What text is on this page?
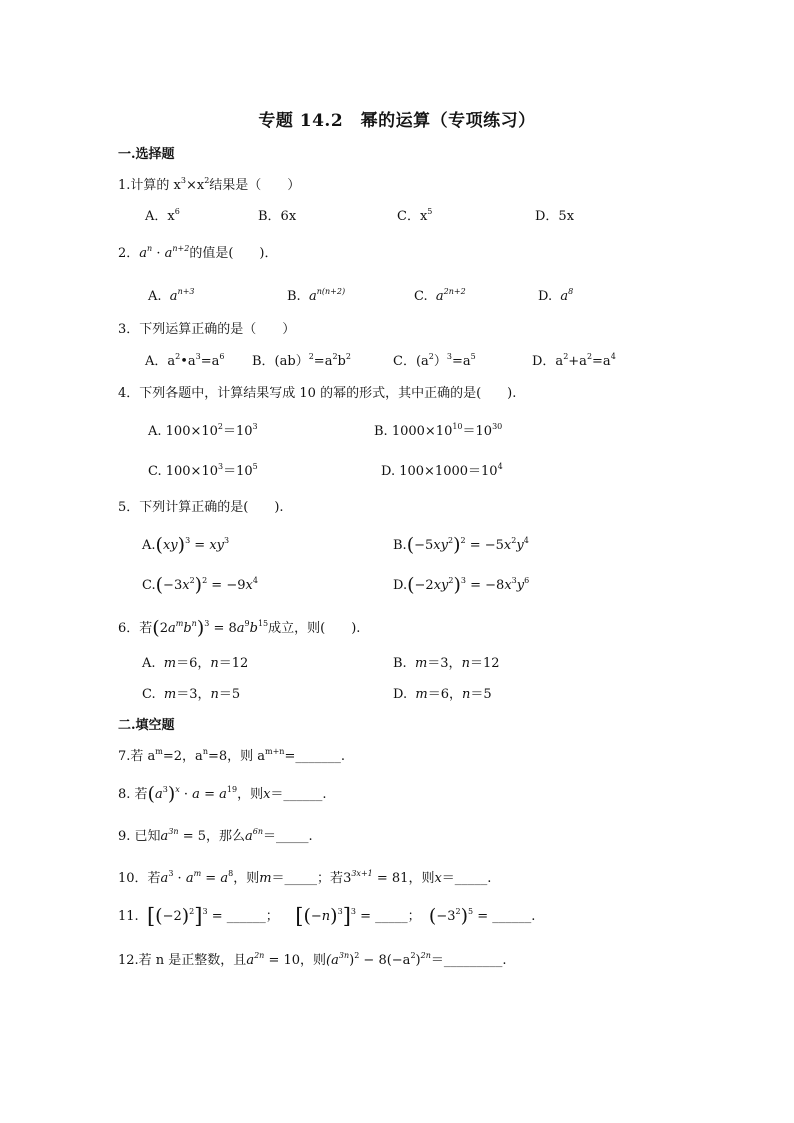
专题 14.2　幂的运算（专项练习）
一.选择题
1.计算的 $x^3\times x^2$结果是（　　）
A．$x^6$	B．6x	C．$x^5$	D．5x
2．$a^n \cdot a^{n+2}$的值是(　　)．
A. $a^{n+3}$	B. $a^{n(n+2)}$	C. $a^{2n+2}$	D. $a^8$
3．下列运算正确的是（　　）
A．$a^2•a^3=a^6$ B．$(ab)^2=a^2b^2$	C．$(a^2)^3=a^5$	D．$a^2+a^2=a^4$
4．下列各题中，计算结果写成 10 的幂的形式，其中正确的是(　　).
A. $100\times 10^2=10^3$	B. $1000\times 10^{10}=10^{30}$
C. $100\times 10^3=10^5$	D. $100\times 1000=10^4$
5．下列计算正确的是(　　).
$A.(xy)^3 = xy^3$	$B.(-5xy^2)^2 = -5x^2y^4$
$C.(-3x^2)^2 = -9x^4$	$D.(-2xy^2)^3 = -8x^3y^6$
6．若$(2a^mb^n)^3 = 8a^9b^{15}$成立，则(　　).
A. m＝6，n＝12	B. m＝3，n＝12
C. m＝3，n＝5	D. m＝6，n＝5
二.填空题
7.若 $a^m=2$，$a^n=8$，则 $a^{m+n}=\_\_\_\_\_\_\_$.
8. 若$(a^3)^x \cdot a = a^{19}$，则x＝______.
9. 已知$a^{3n} = 5$，那么$a^{6n}=\_\_\_\_\_$.
10．若$a^3 \cdot a^m = a^8$，则m＝_____；若$3^{3x+1} = 81$，则x＝_____.
11. $[(-2)^2]^3$ = ______； $[(-n)^3]^3$ = _____； $(-3^2)^5$ = ______.
12.若 n 是正整数，且$a^{2n} = 10$，则$(a^{3n})^2$ − $8(-a^2)^{2n}=\_\_\_\_\_\_\_\_\_$.
